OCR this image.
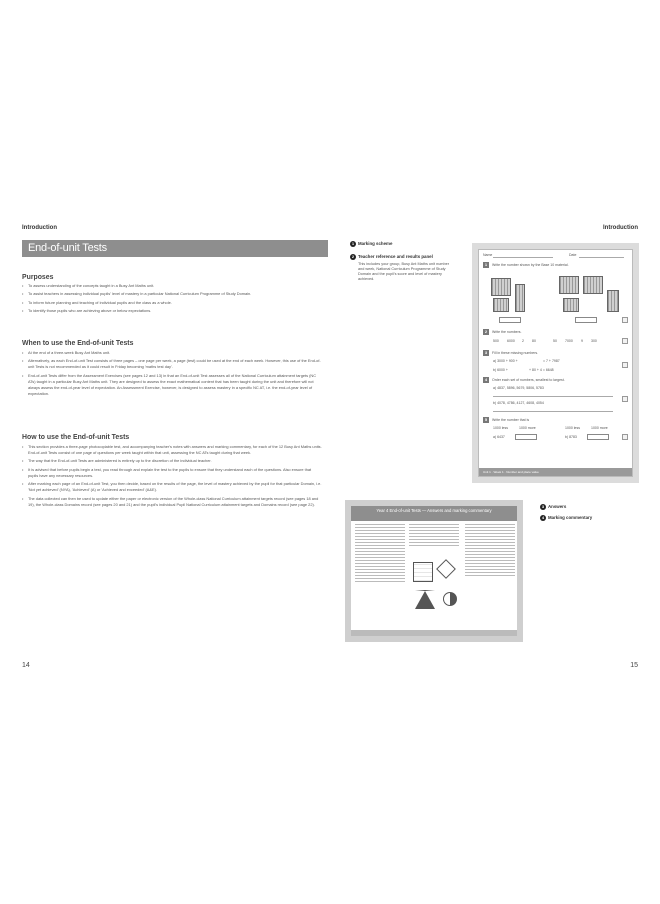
Introduction
End-of-unit Tests
Purposes
• To assess understanding of the concepts taught in a Busy Ant Maths unit.
• To assist teachers in assessing individual pupils' level of mastery in a particular National Curriculum Programme of Study Domain.
• To inform future planning and teaching of individual pupils and the class as a whole.
• To identify those pupils who are achieving above or below expectations.
When to use the End-of-unit Tests
• At the end of a three-week Busy Ant Maths unit.
• Alternatively, as each End-of-unit Test consists of three pages – one page per week, a page (test) could be used at the end of each week. However, this use of the End-of-unit Tests is not recommended as it could result in Friday becoming 'maths test day'.
• End-of-unit Tests differ from the Assessment Exercises (see pages 12 and 13) in that an End-of-unit Test assesses all of the National Curriculum attainment targets (NC ATs) taught in a particular Busy Ant Maths unit. They are designed to assess the exact mathematical content that has been taught during the unit and therefore will not always assess the end-of-year level of expectation. An Assessment Exercise, however, is designed to assess mastery in a specific NC AT, i.e. the end-of-year level of expectation.
How to use the End-of-unit Tests
• This section provides a three-page photocopiable test, and accompanying teacher's notes with answers and marking commentary, for each of the 12 Busy Ant Maths units. End-of-unit Tests consist of one page of questions per week taught within that unit, assessing the NC ATs taught during that week.
• The way that the End-of-unit Tests are administered is entirely up to the discretion of the individual teacher.
• It is advised that before pupils begin a test, you read through and explain the test to the pupils to ensure that they understand each of the questions. Also ensure that pupils have any necessary resources.
• After marking each page of an End-of-unit Test, you then decide, based on the results of the page, the level of mastery achieved by the pupil for that particular Domain, i.e. 'Not yet achieved' (NYA), 'Achieved' (A) or 'Achieved and exceeded' (A&E).
• The data collected can then be used to update either the paper or electronic version of the Whole-class National Curriculum attainment targets record (see pages 18 and 19), the Whole-class Domains record (see pages 20 and 21) and the pupil's individual Pupil National Curriculum attainment targets and Domains record (see page 22).
14
Introduction
1 Marking scheme
2 Teacher reference and results panel
This includes your group, Busy Ant Maths unit number and week, National Curriculum Programme of Study Domain and the pupil's score and level of mastery achieved.
3 Answers
4 Marking commentary
Name	Date
1	Write the number shown by the Base 10 material.
2	Write the numbers.
500 6000 2 80	50 7000 9 300
3	Fill in these missing numbers.
a) 3000 + 900 +	= 7 + 7987
b) 6000 +	+ 80 + 4 = 6648
4	Order each set of numbers, smallest to largest.
a) 4837, 5896, 5679, 5806, 5783
b) 4078, 4786, 4127, 4608, 4054
5	Write the number that is
1000 less	1000 more	1000 less	1000 more
a) 6437	b) 8783
Unit 1 · Week 1 · Number and place value
Year 4 End-of-unit Tests — Answers and marking commentary
15
